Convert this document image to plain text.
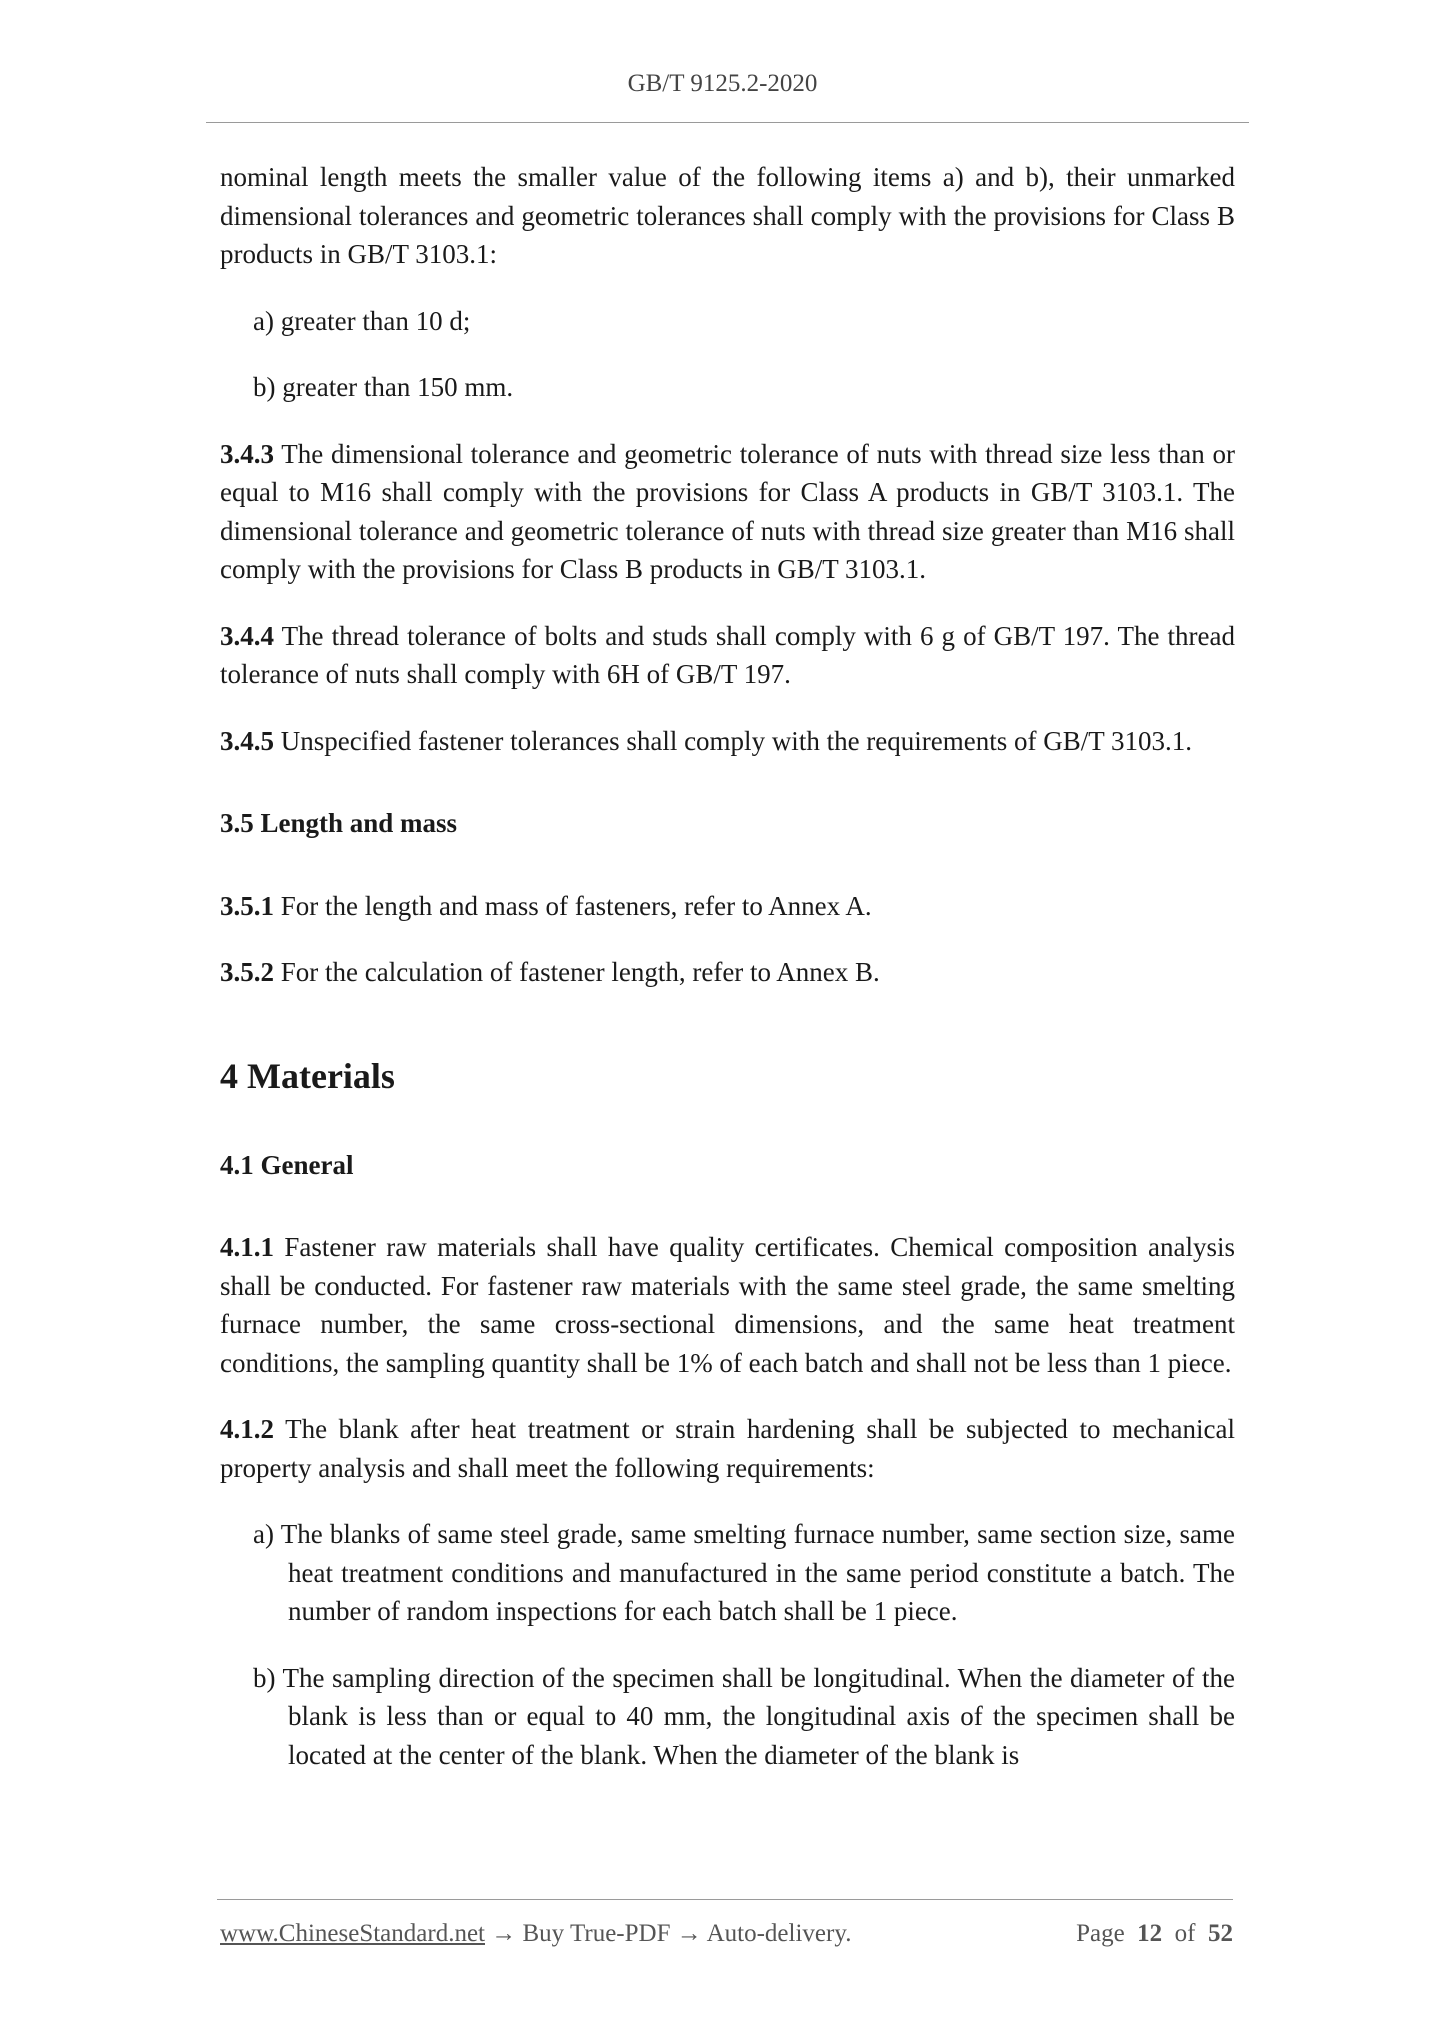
GB/T 9125.2-2020

nominal length meets the smaller value of the following items a) and b), their unmarked dimensional tolerances and geometric tolerances shall comply with the provisions for Class B products in GB/T 3103.1:

a) greater than 10 d;

b) greater than 150 mm.

3.4.3 The dimensional tolerance and geometric tolerance of nuts with thread size less than or equal to M16 shall comply with the provisions for Class A products in GB/T 3103.1. The dimensional tolerance and geometric tolerance of nuts with thread size greater than M16 shall comply with the provisions for Class B products in GB/T 3103.1.

3.4.4 The thread tolerance of bolts and studs shall comply with 6 g of GB/T 197. The thread tolerance of nuts shall comply with 6H of GB/T 197.

3.4.5 Unspecified fastener tolerances shall comply with the requirements of GB/T 3103.1.

3.5 Length and mass

3.5.1 For the length and mass of fasteners, refer to Annex A.

3.5.2 For the calculation of fastener length, refer to Annex B.

4 Materials

4.1 General

4.1.1 Fastener raw materials shall have quality certificates. Chemical composition analysis shall be conducted. For fastener raw materials with the same steel grade, the same smelting furnace number, the same cross-sectional dimensions, and the same heat treatment conditions, the sampling quantity shall be 1% of each batch and shall not be less than 1 piece.

4.1.2 The blank after heat treatment or strain hardening shall be subjected to mechanical property analysis and shall meet the following requirements:

a) The blanks of same steel grade, same smelting furnace number, same section size, same heat treatment conditions and manufactured in the same period constitute a batch. The number of random inspections for each batch shall be 1 piece.

b) The sampling direction of the specimen shall be longitudinal. When the diameter of the blank is less than or equal to 40 mm, the longitudinal axis of the specimen shall be located at the center of the blank. When the diameter of the blank is

www.ChineseStandard.net → Buy True-PDF → Auto-delivery.	Page 12 of 52
